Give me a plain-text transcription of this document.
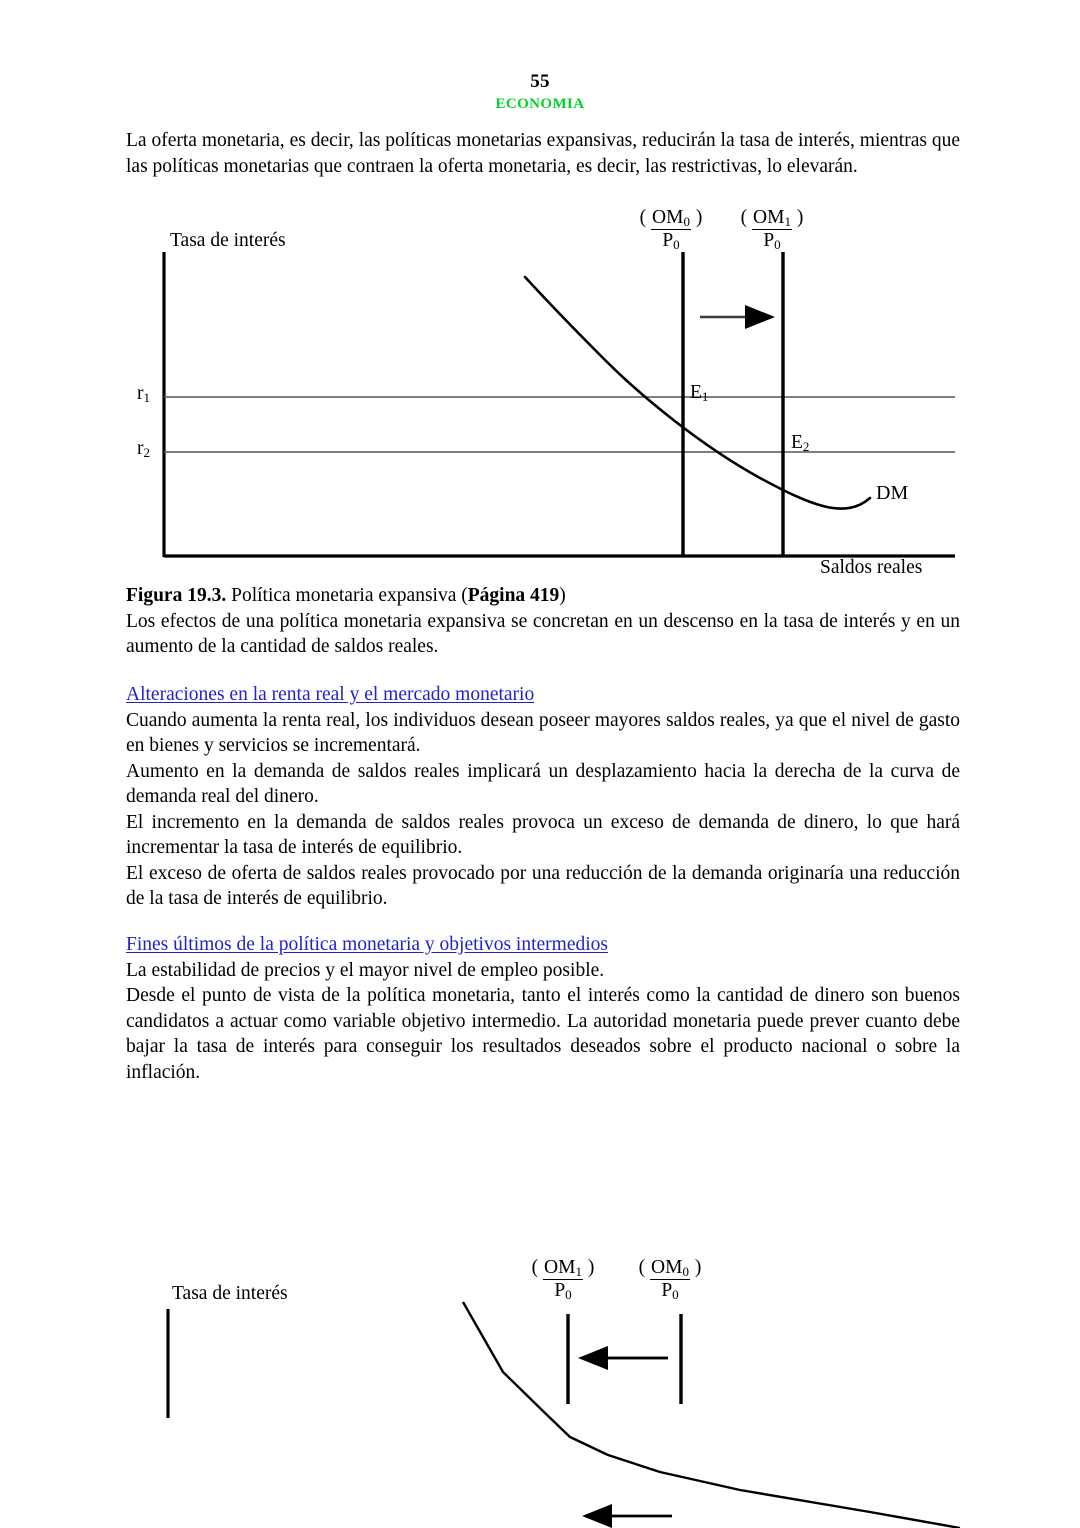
55
ECONOMIA

La oferta monetaria, es decir, las políticas monetarias expansivas, reducirán la tasa de interés, mientras que las políticas monetarias que contraen la oferta monetaria, es decir, las restrictivas, lo elevarán.

( OM0 )
P0
( OM1 )
P0
Tasa de interés
r1
r2
E1
E2
DM
Saldos reales

Figura 19.3. Política monetaria expansiva (Página 419)

Los efectos de una política monetaria expansiva se concretan en un descenso en la tasa de interés y en un aumento de la cantidad de saldos reales.

Alteraciones en la renta real y el mercado monetario

Cuando aumenta la renta real, los individuos desean poseer mayores saldos reales, ya que el nivel de gasto en bienes y servicios se incrementará.

Aumento en la demanda de saldos reales implicará un desplazamiento hacia la derecha de la curva de demanda real del dinero.

El incremento en la demanda de saldos reales provoca un exceso de demanda de dinero, lo que hará incrementar la tasa de interés de equilibrio.

El exceso de oferta de saldos reales provocado por una reducción de la demanda originaría una reducción de la tasa de interés de equilibrio.

Fines últimos de la política monetaria y objetivos intermedios

La estabilidad de precios y el mayor nivel de empleo posible.

Desde el punto de vista de la política monetaria, tanto el interés como la cantidad de dinero son buenos candidatos a actuar como variable objetivo intermedio. La autoridad monetaria puede prever cuanto debe bajar la tasa de interés para conseguir los resultados deseados sobre el producto nacional o sobre la inflación.

( OM1 )
P0
( OM0 )
P0
Tasa de interés
